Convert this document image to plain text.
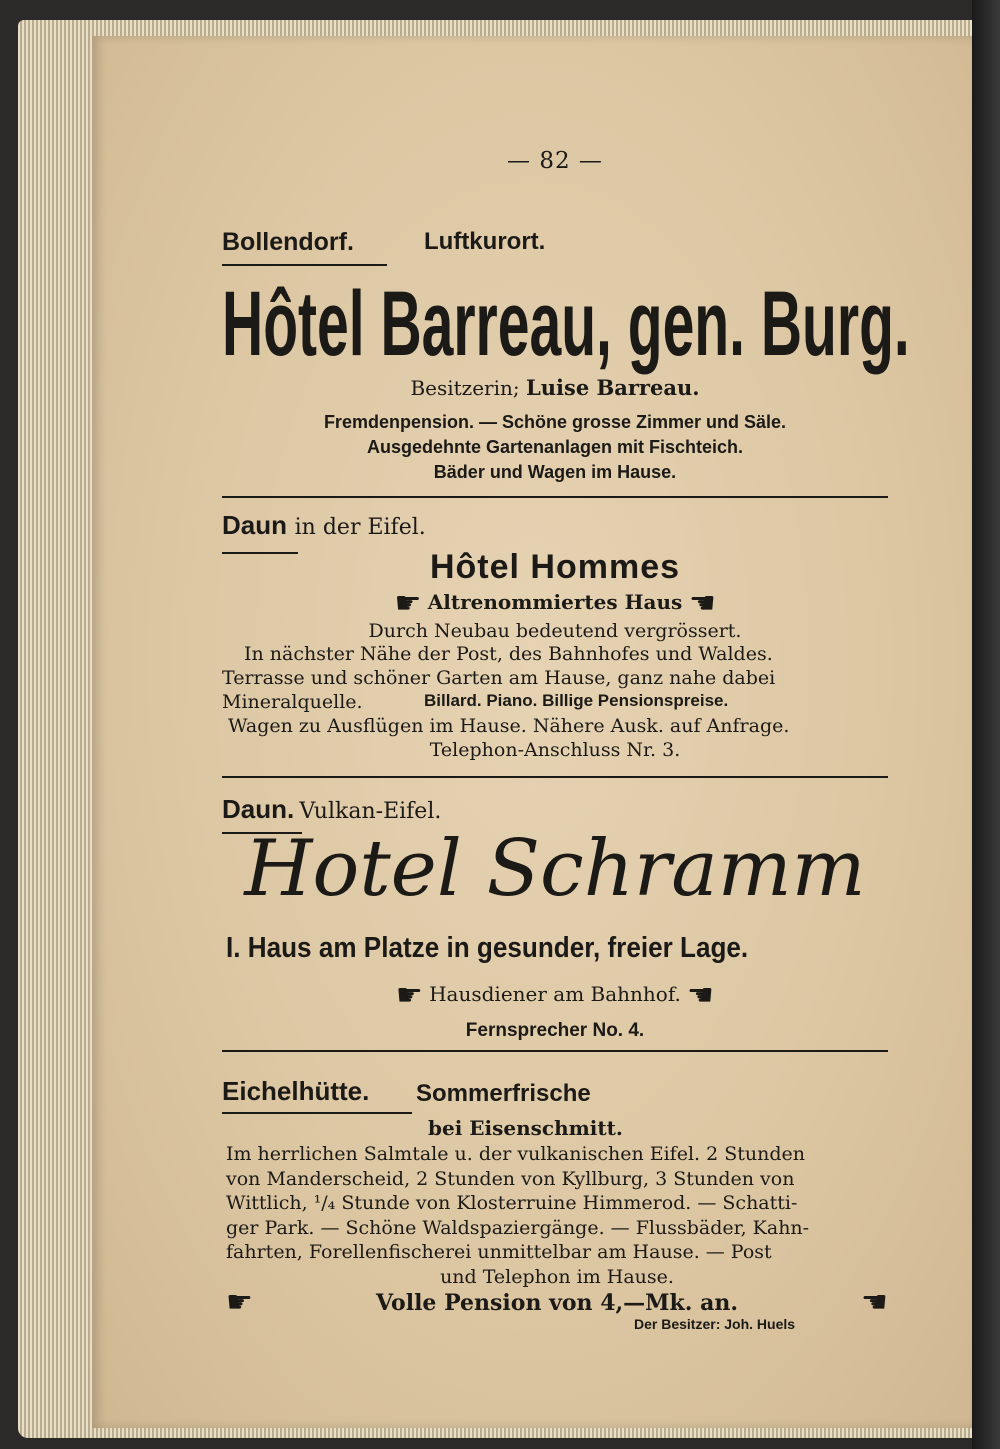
— 82 —
Bollendorf.	Luftkurort.
Hôtel Barreau, gen. Burg.
Besitzerin; Luise Barreau.
Fremdenpension. — Schöne grosse Zimmer und Säle.
Ausgedehnte Gartenanlagen mit Fischteich.
Bäder und Wagen im Hause.
Daun in der Eifel.
Hôtel Hommes
☛ Altrenommiertes Haus ☛
Durch Neubau bedeutend vergrössert.
In nächster Nähe der Post, des Bahnhofes und Waldes.
Terrasse und schöner Garten am Hause, ganz nahe dabei
Mineralquelle.	Billard. Piano. Billige Pensionspreise.
Wagen zu Ausflügen im Hause. Nähere Ausk. auf Anfrage.
Telephon-Anschluss Nr. 3.
Daun. Vulkan-Eifel.
Hotel Schramm
I. Haus am Platze in gesunder, freier Lage.
☛ Hausdiener am Bahnhof. ☛
Fernsprecher No. 4.
Eichelhütte. Sommerfrische
bei Eisenschmitt.
Im herrlichen Salmtale u. der vulkanischen Eifel. 2 Stunden
von Manderscheid, 2 Stunden von Kyllburg, 3 Stunden von
Wittlich, ¹/₄ Stunde von Klosterruine Himmerod. — Schatti-
ger Park. — Schöne Waldspaziergänge. — Flussbäder, Kahn-
fahrten, Forellenfischerei unmittelbar am Hause. — Post
und Telephon im Hause.
☛	Volle Pension von 4,—Mk. an.	☛
Der Besitzer: Joh. Huels
